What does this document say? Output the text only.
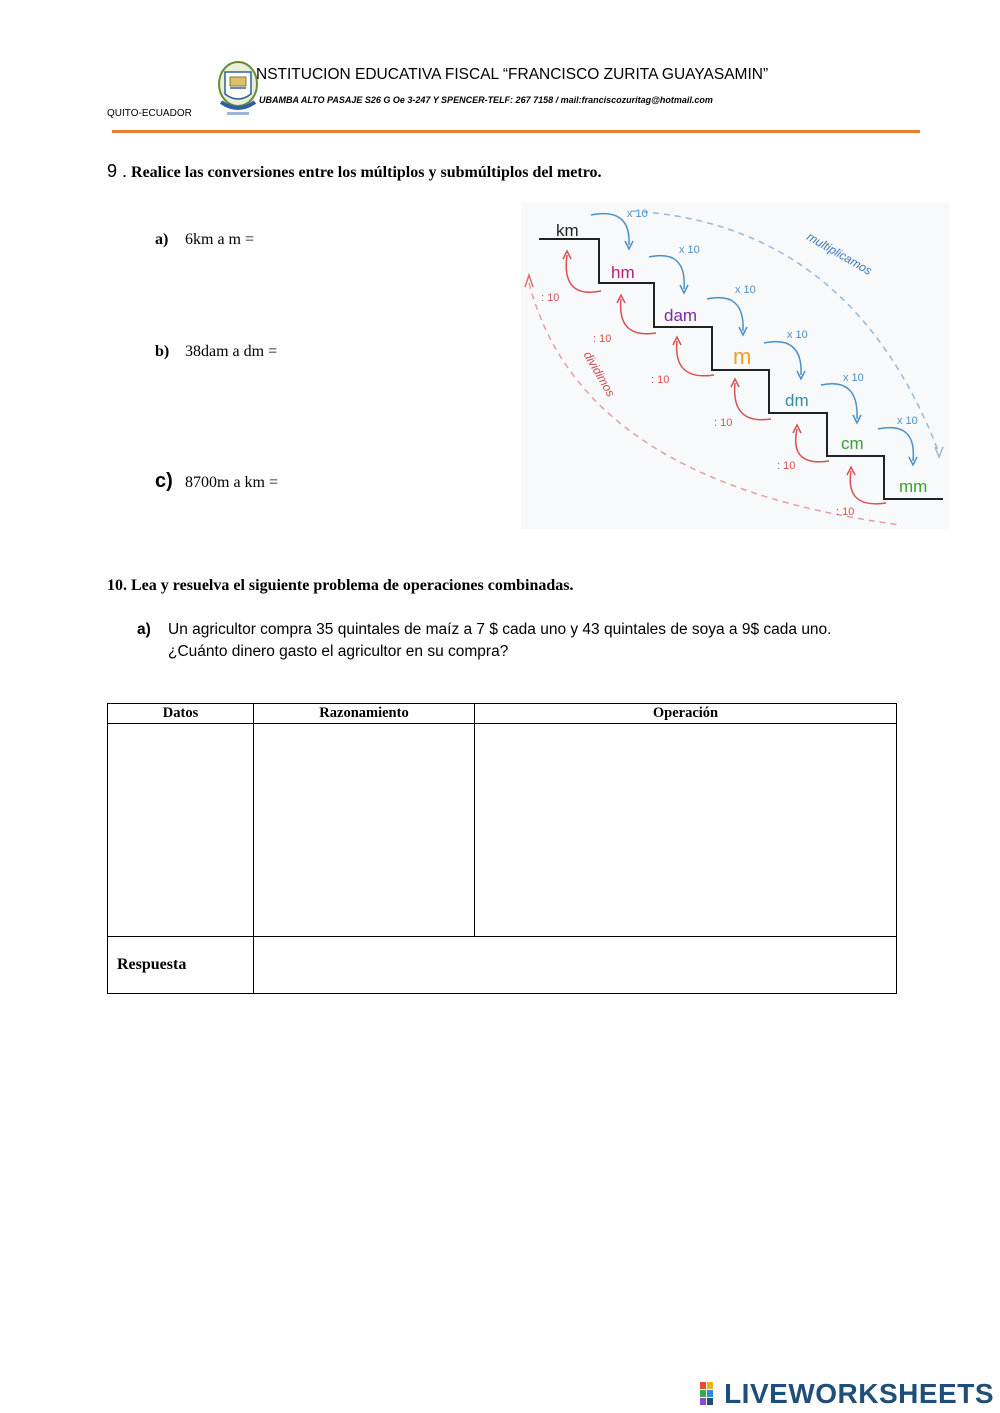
NSTITUCION EDUCATIVA FISCAL “FRANCISCO ZURITA GUAYASAMIN”
UBAMBA ALTO PASAJE S26 G Oe 3-247 Y SPENCER-TELF: 267 7158 / mail:franciscozuritag@hotmail.com
QUITO-ECUADOR
9 . Realice las conversiones entre los múltiplos y submúltiplos del metro.
a) 6km a m =
b) 38dam a dm =
c) 8700m a km =
multiplicamos
dividimos
km
hm
dam
m
dm
cm
mm
x 10
x 10
x 10
x 10
x 10
x 10
: 10
: 10
: 10
: 10
: 10
: 10
10. Lea y resuelva el siguiente problema de operaciones combinadas.
a) Un agricultor compra 35 quintales de maíz a 7 $ cada uno y 43 quintales de soya a 9$ cada uno.
¿Cuánto dinero gasto el agricultor en su compra?
Datos	Razonamiento	Operación

Respuesta		
LIVEWORKSHEETS
